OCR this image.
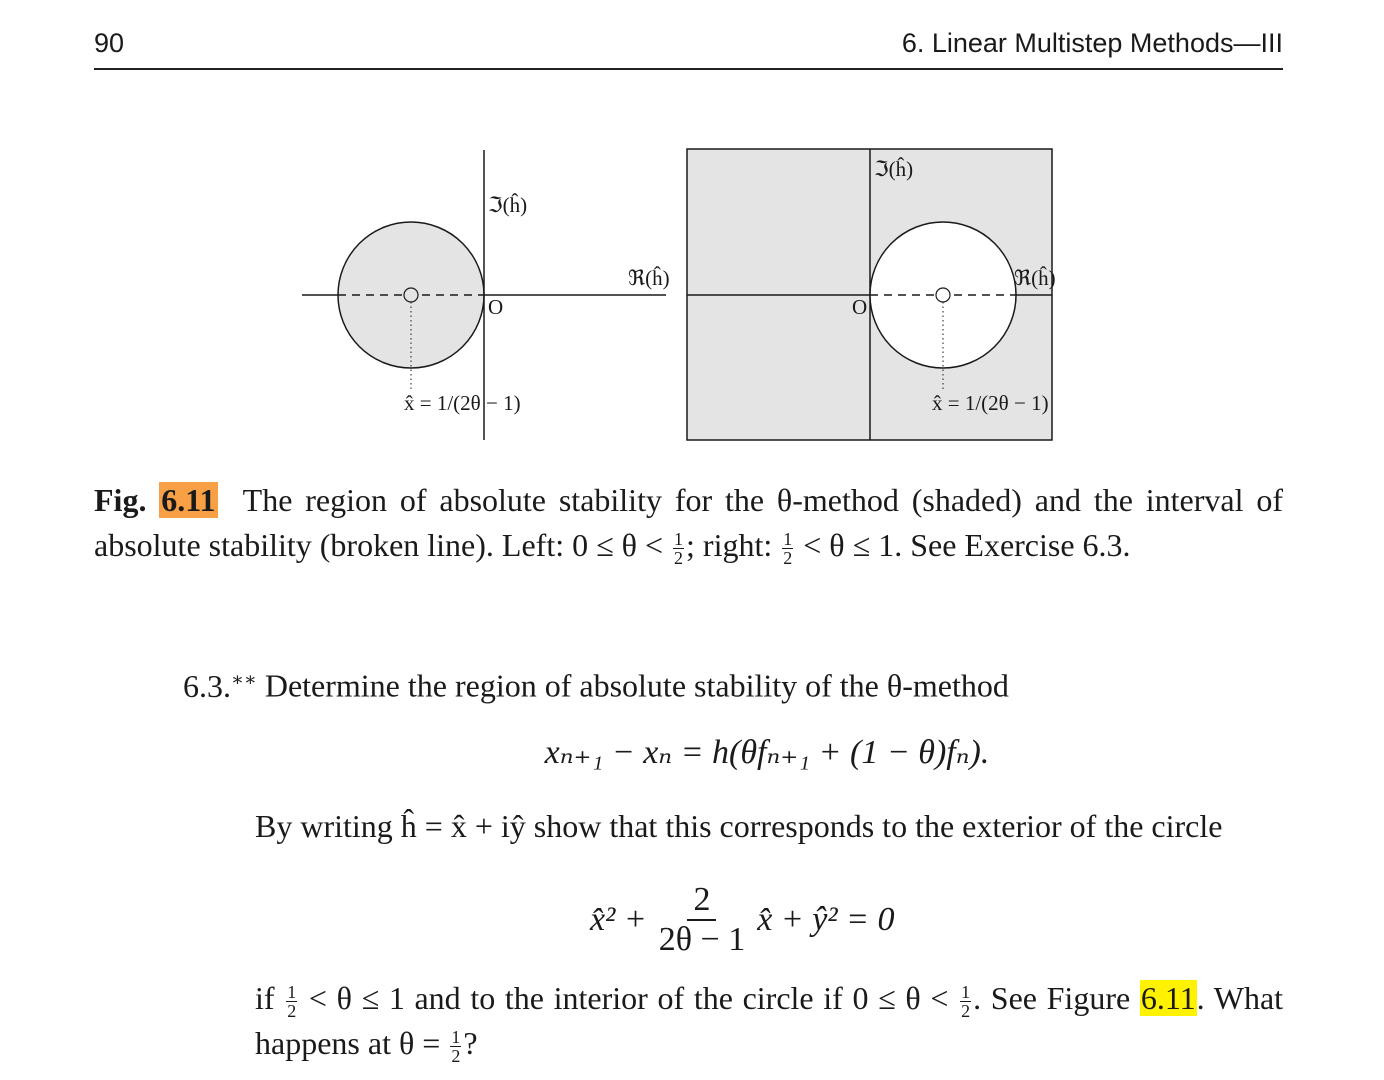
90	6. Linear Multistep Methods—III
ℑ(ĥ)
ℜ(ĥ)
O
x̂ = 1/(2θ − 1)
ℑ(ĥ)
ℜ(ĥ)
O
x̂ = 1/(2θ − 1)
Fig. 6.11 The region of absolute stability for the θ-method (shaded) and the interval of absolute stability (broken line). Left: $0 \le \theta < \frac{1}{2}$ ; right: $\frac{1}{2} < \theta \le 1$. See Exercise 6.3.
6.3.∗∗ Determine the region of absolute stability of the θ-method
xₙ₊₁ − xₙ = h(θfₙ₊₁ + (1 − θ)fₙ).
By writing ĥ = x̂ + iŷ show that this corresponds to the exterior of the circle
x̂² + $\frac{2}{2\theta - 1}$ x̂ + ŷ² = 0
if $\frac{1}{2} < \theta \le 1$ and to the interior of the circle if $0 \le \theta < \frac{1}{2}$ . See Figure 6.11. What happens at $\theta = \frac{1}{2}$ ?
